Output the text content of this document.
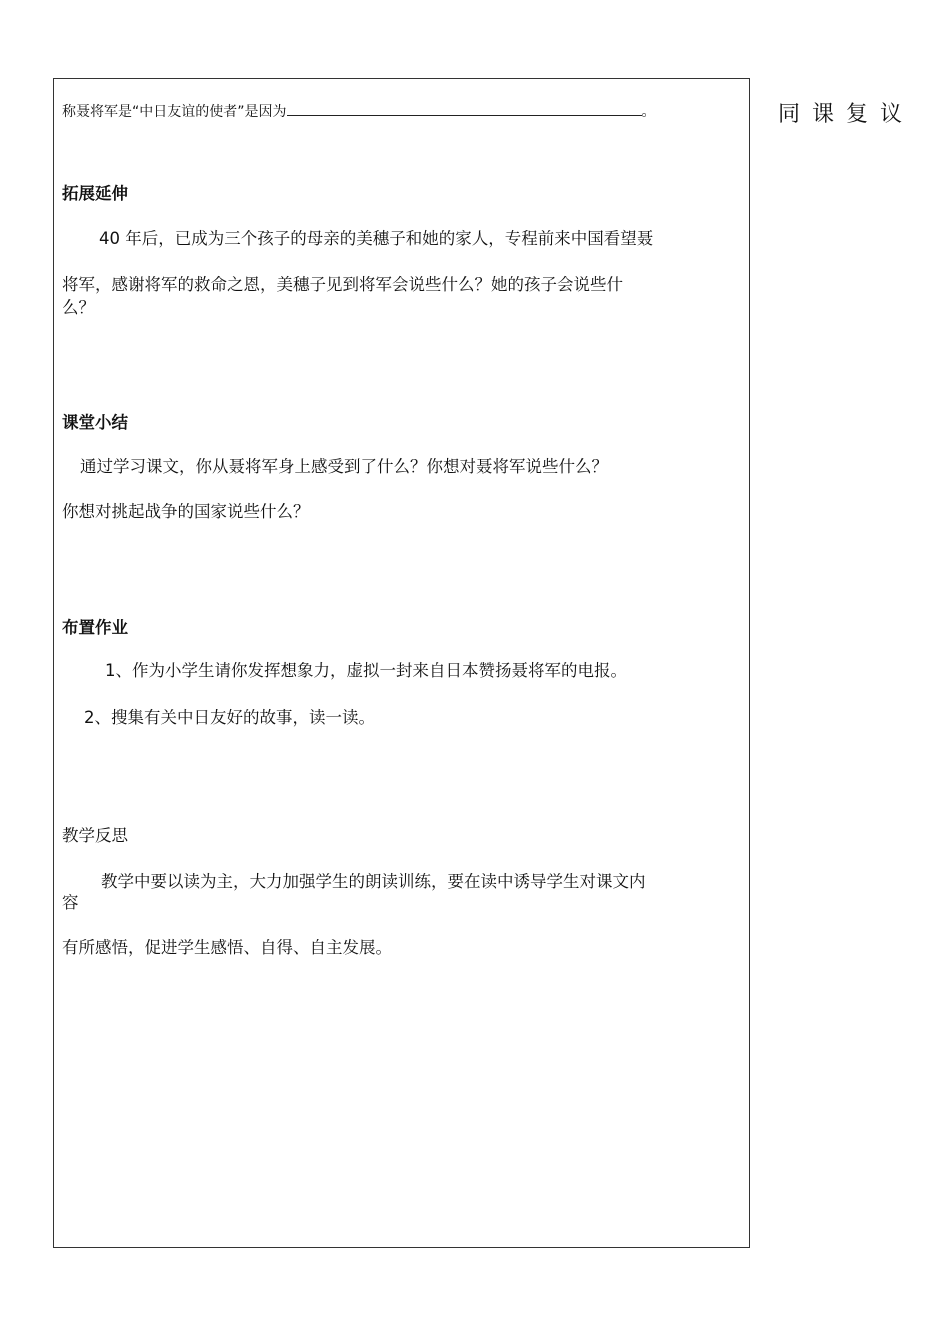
同课复议
称聂将军是“中日友谊的使者”是因为	。
拓展延伸
40 年后，已成为三个孩子的母亲的美穗子和她的家人，专程前来中国看望聂
将军，感谢将军的救命之恩，美穗子见到将军会说些什么？她的孩子会说些什
么？
课堂小结
通过学习课文，你从聂将军身上感受到了什么？你想对聂将军说些什么？
你想对挑起战争的国家说些什么？
布置作业
1、作为小学生请你发挥想象力，虚拟一封来自日本赞扬聂将军的电报。
2、搜集有关中日友好的故事，读一读。
教学反思
教学中要以读为主，大力加强学生的朗读训练，要在读中诱导学生对课文内
容
有所感悟，促进学生感悟、自得、自主发展。
